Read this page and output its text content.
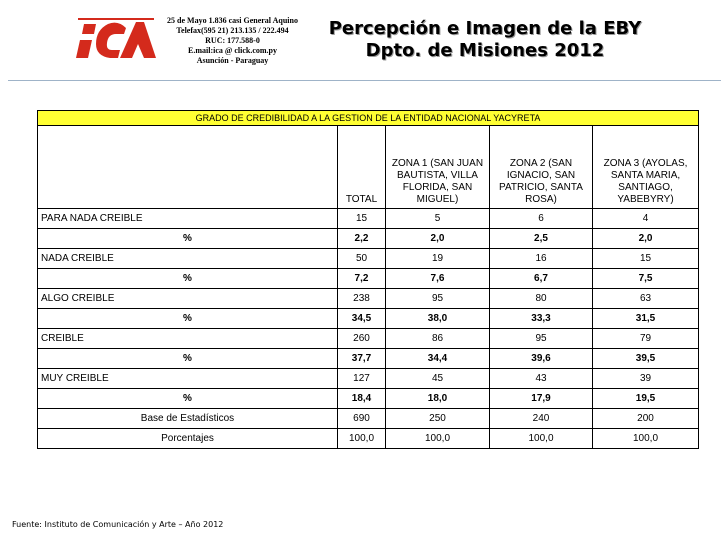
ICA
25 de Mayo 1.836 casi General Aquino
Telefax(595 21) 213.135 / 222.494
RUC: 177.588-0
E.mail:ica @ click.com.py
Asunción - Paraguay
Percepción e Imagen de la EBY
Dpto. de Misiones 2012
GRADO DE CREDIBILIDAD A LA GESTION DE LA ENTIDAD NACIONAL YACYRETA				
	TOTAL	ZONA 1 (SAN JUAN BAUTISTA, VILLA FLORIDA, SAN MIGUEL)	ZONA 2 (SAN IGNACIO, SAN PATRICIO, SANTA ROSA)	ZONA 3 (AYOLAS, SANTA MARIA, SANTIAGO, YABEBYRY)
PARA NADA CREIBLE	15	5	6	4
%	2,2	2,0	2,5	2,0
NADA CREIBLE	50	19	16	15
%	7,2	7,6	6,7	7,5
ALGO CREIBLE	238	95	80	63
%	34,5	38,0	33,3	31,5
CREIBLE	260	86	95	79
%	37,7	34,4	39,6	39,5
MUY CREIBLE	127	45	43	39
%	18,4	18,0	17,9	19,5
Base de Estadísticos	690	250	240	200
Porcentajes	100,0	100,0	100,0	100,0
Fuente: Instituto de Comunicación y Arte – Año 2012
